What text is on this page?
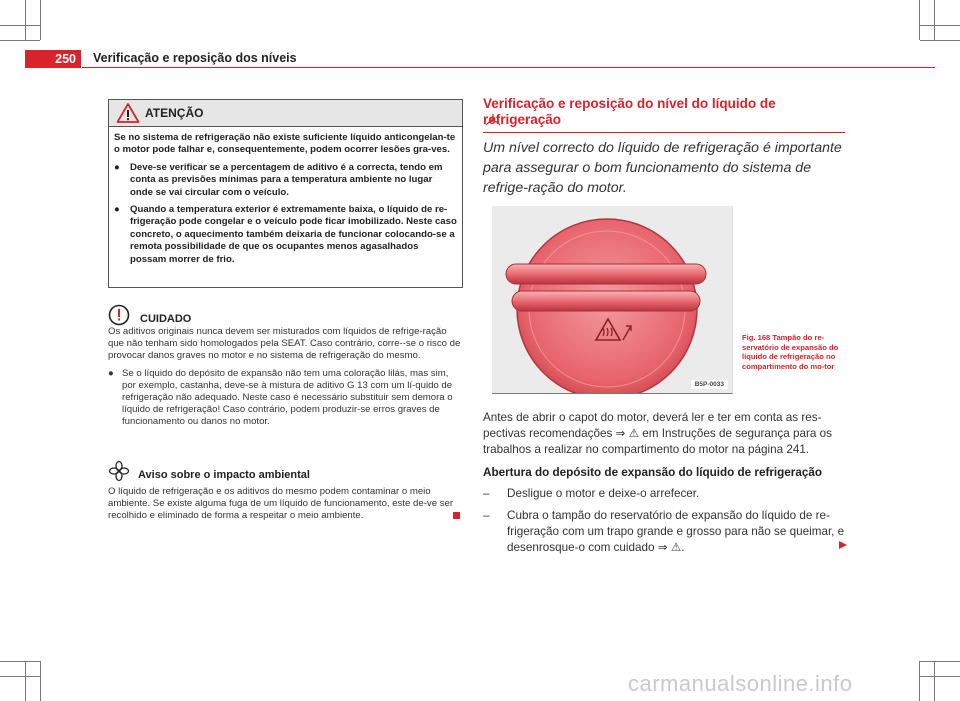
250	Verificação e reposição dos níveis
ATENÇÃO

Se no sistema de refrigeração não existe suficiente líquido anticongelan-te o motor pode falhar e, consequentemente, podem ocorrer lesões gra-ves.

●	Deve-se verificar se a percentagem de aditivo é a correcta, tendo em conta as previsões mínimas para a temperatura ambiente no lugar onde se vai circular com o veículo.

●	Quando a temperatura exterior é extremamente baixa, o líquido de re-frigeração pode congelar e o veículo pode ficar imobilizado. Neste caso concreto, o aquecimento também deixaria de funcionar colocando-se a remota possibilidade de que os ocupantes menos agasalhados possam morrer de frio.

CUIDADO

Os aditivos originais nunca devem ser misturados com líquidos de refrige-ração que não tenham sido homologados pela SEAT. Caso contrário, corre--se o risco de provocar danos graves no motor e no sistema de refrigeração do mesmo.

● Se o líquido do depósito de expansão não tem uma coloração lilás, mas sim, por exemplo, castanha, deve-se à mistura de aditivo G 13 com um lí-quido de refrigeração não adequado. Neste caso é necessário substituir sem demora o líquido de refrigeração! Caso contrário, podem produzir-se erros graves de funcionamento ou danos no motor.

Aviso sobre o impacto ambiental
O líquido de refrigeração e os aditivos do mesmo podem contaminar o meio ambiente. Se existe alguma fuga de um líquido de funcionamento, este de-ve ser recolhido e eliminado de forma a respeitar o meio ambiente.
Verificação e reposição do nível do líquido de refrigeração
Um nível correcto do líquido de refrigeração é importante para assegurar o bom funcionamento do sistema de refrige-ração do motor.
B5P-0033
Fig. 168 Tampão do re-servatório de expansão do líquido de refrigeração no compartimento do mo-tor
Antes de abrir o capot do motor, deverá ler e ter em conta as res-pectivas recomendações ⇒ ⚠ em Instruções de segurança para os trabalhos a realizar no compartimento do motor na página 241.
Abertura do depósito de expansão do líquido de refrigeração
–	Desligue o motor e deixe-o arrefecer.
–	Cubra o tampão do reservatório de expansão do líquido de re-frigeração com um trapo grande e grosso para não se queimar, e desenrosque-o com cuidado ⇒ ⚠.
carmanualsonline.info
